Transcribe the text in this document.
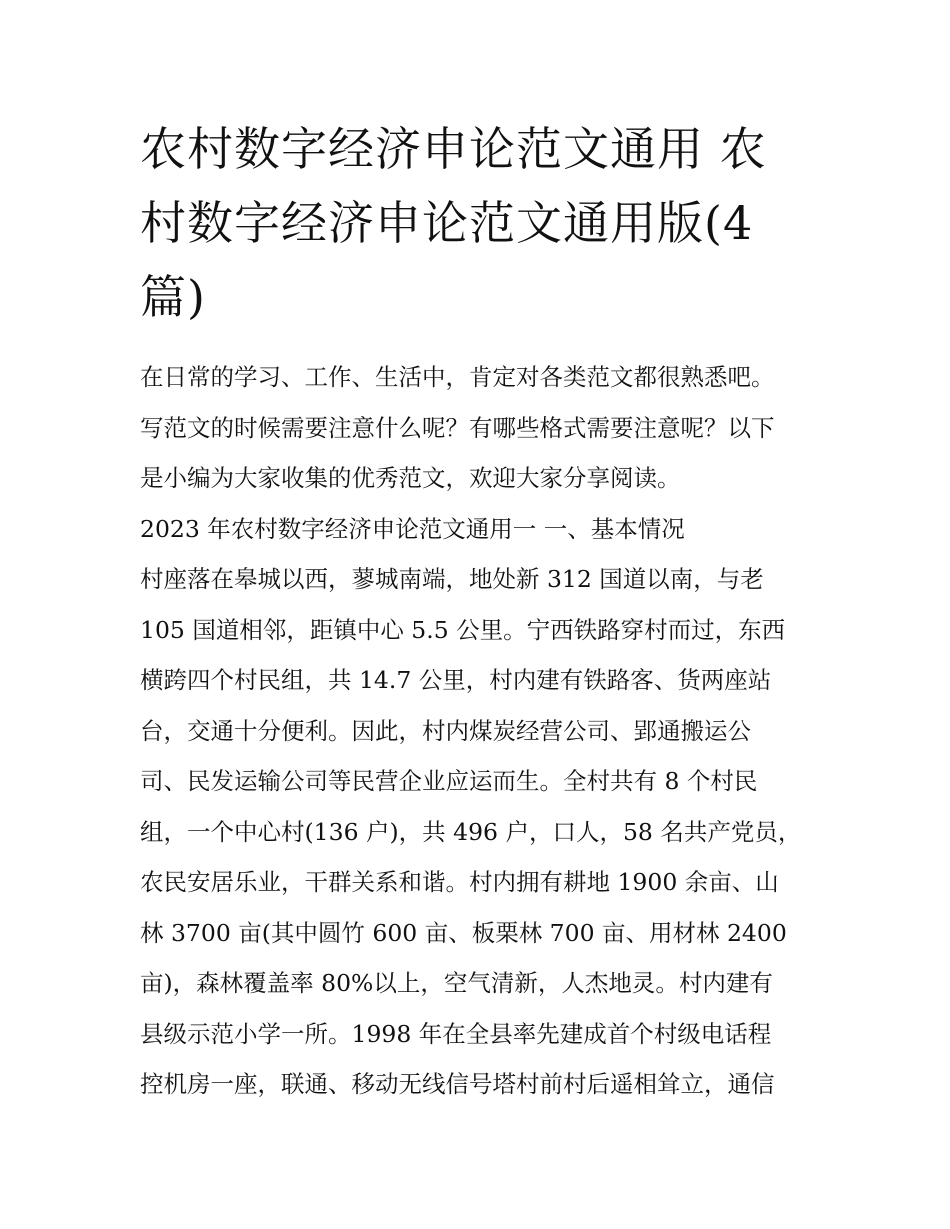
农村数字经济申论范文通用 农
村数字经济申论范文通用版(4
篇)
在日常的学习、工作、生活中，肯定对各类范文都很熟悉吧。
写范文的时候需要注意什么呢？有哪些格式需要注意呢？以下
是小编为大家收集的优秀范文，欢迎大家分享阅读。
2023 年农村数字经济申论范文通用一 一、基本情况
村座落在皋城以西，蓼城南端，地处新 312 国道以南，与老
105 国道相邻，距镇中心 5.5 公里。宁西铁路穿村而过，东西
横跨四个村民组，共 14.7 公里，村内建有铁路客、货两座站
台，交通十分便利。因此，村内煤炭经营公司、郢通搬运公
司、民发运输公司等民营企业应运而生。全村共有 8 个村民
组，一个中心村(136 户)，共 496 户，口人，58 名共产党员，
农民安居乐业，干群关系和谐。村内拥有耕地 1900 余亩、山
林 3700 亩(其中圆竹 600 亩、板栗林 700 亩、用材林 2400
亩)，森林覆盖率 80%以上，空气清新，人杰地灵。村内建有
县级示范小学一所。1998 年在全县率先建成首个村级电话程
控机房一座，联通、移动无线信号塔村前村后遥相耸立，通信
